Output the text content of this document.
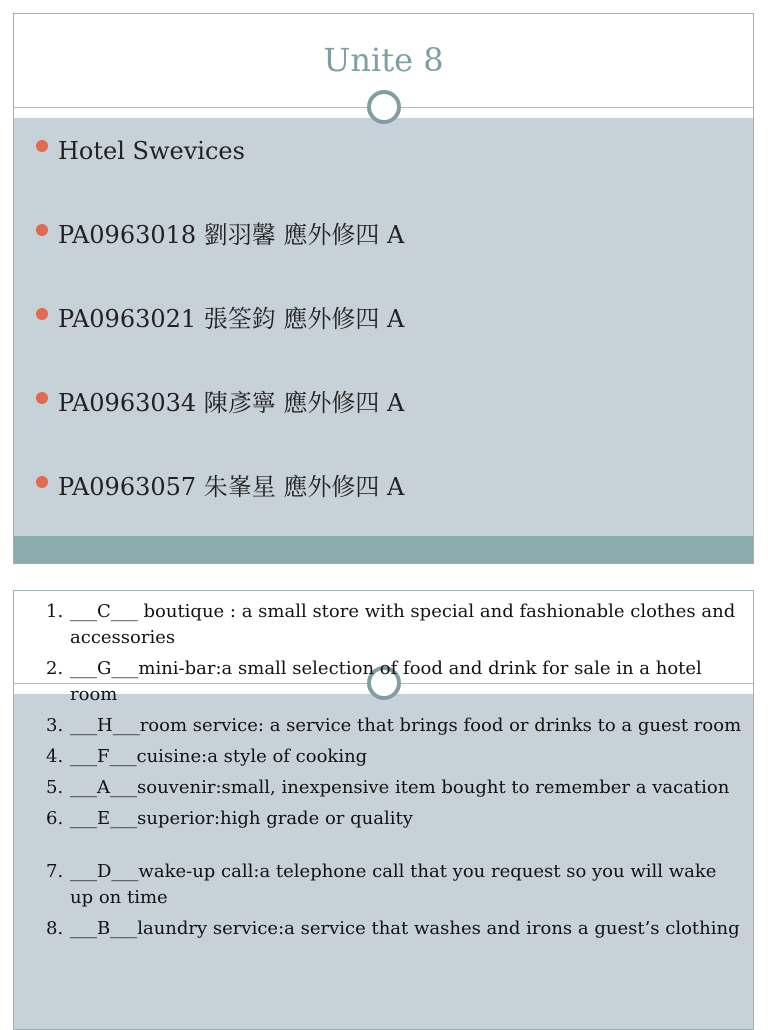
Unite 8
Hotel Swevices
PA0963018 劉羽馨 應外修四 A
PA0963021 張筌鈞 應外修四 A
PA0963034 陳彥寧 應外修四 A
PA0963057 朱峯星 應外修四 A
1. ___C___ boutique : a small store with special and fashionable clothes and accessories
2. ___G___mini-bar:a small selection of food and drink for sale in a hotel room
3. ___H___room service: a service that brings food or drinks to a guest room
4. ___F___cuisine:a style of cooking
5. ___A___souvenir:small, inexpensive item bought to remember a vacation
6. ___E___superior:high grade or quality
7. ___D___wake-up call:a telephone call that you request so you will wake up on time
8. ___B___laundry service:a service that washes and irons a guest’s clothing
